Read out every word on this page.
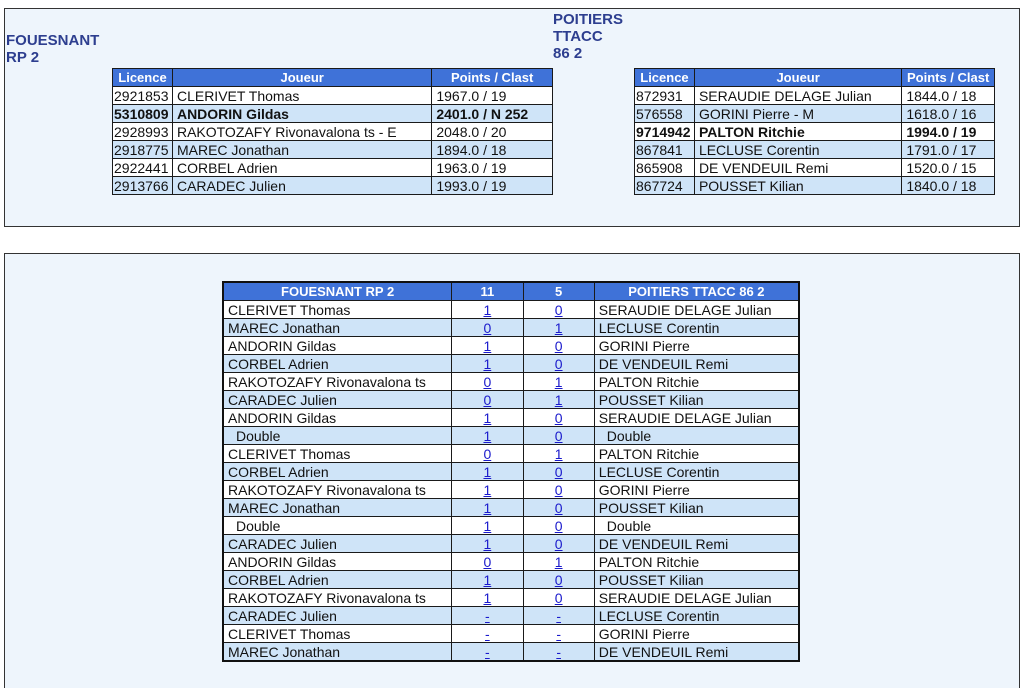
FOUESNANT
RP 2
POITIERS
TTACC
86 2
Licence	Joueur	Points / Clast
2921853	CLERIVET Thomas	1967.0 / 19
5310809	ANDORIN Gildas	2401.0 / N 252
2928993	RAKOTOZAFY Rivonavalona ts - E	2048.0 / 20
2918775	MAREC Jonathan	1894.0 / 18
2922441	CORBEL Adrien	1963.0 / 19
2913766	CARADEC Julien	1993.0 / 19
Licence	Joueur	Points / Clast
872931	SERAUDIE DELAGE Julian	1844.0 / 18
576558	GORINI Pierre - M	1618.0 / 16
9714942	PALTON Ritchie	1994.0 / 19
867841	LECLUSE Corentin	1791.0 / 17
865908	DE VENDEUIL Remi	1520.0 / 15
867724	POUSSET Kilian	1840.0 / 18
FOUESNANT RP 2	11	5	POITIERS TTACC 86 2
CLERIVET Thomas	1	0	SERAUDIE DELAGE Julian
MAREC Jonathan	0	1	LECLUSE Corentin
ANDORIN Gildas	1	0	GORINI Pierre
CORBEL Adrien	1	0	DE VENDEUIL Remi
RAKOTOZAFY Rivonavalona ts	0	1	PALTON Ritchie
CARADEC Julien	0	1	POUSSET Kilian
ANDORIN Gildas	1	0	SERAUDIE DELAGE Julian
Double	1	0	Double
CLERIVET Thomas	0	1	PALTON Ritchie
CORBEL Adrien	1	0	LECLUSE Corentin
RAKOTOZAFY Rivonavalona ts	1	0	GORINI Pierre
MAREC Jonathan	1	0	POUSSET Kilian
Double	1	0	Double
CARADEC Julien	1	0	DE VENDEUIL Remi
ANDORIN Gildas	0	1	PALTON Ritchie
CORBEL Adrien	1	0	POUSSET Kilian
RAKOTOZAFY Rivonavalona ts	1	0	SERAUDIE DELAGE Julian
CARADEC Julien	-	-	LECLUSE Corentin
CLERIVET Thomas	-	-	GORINI Pierre
MAREC Jonathan	-	-	DE VENDEUIL Remi
